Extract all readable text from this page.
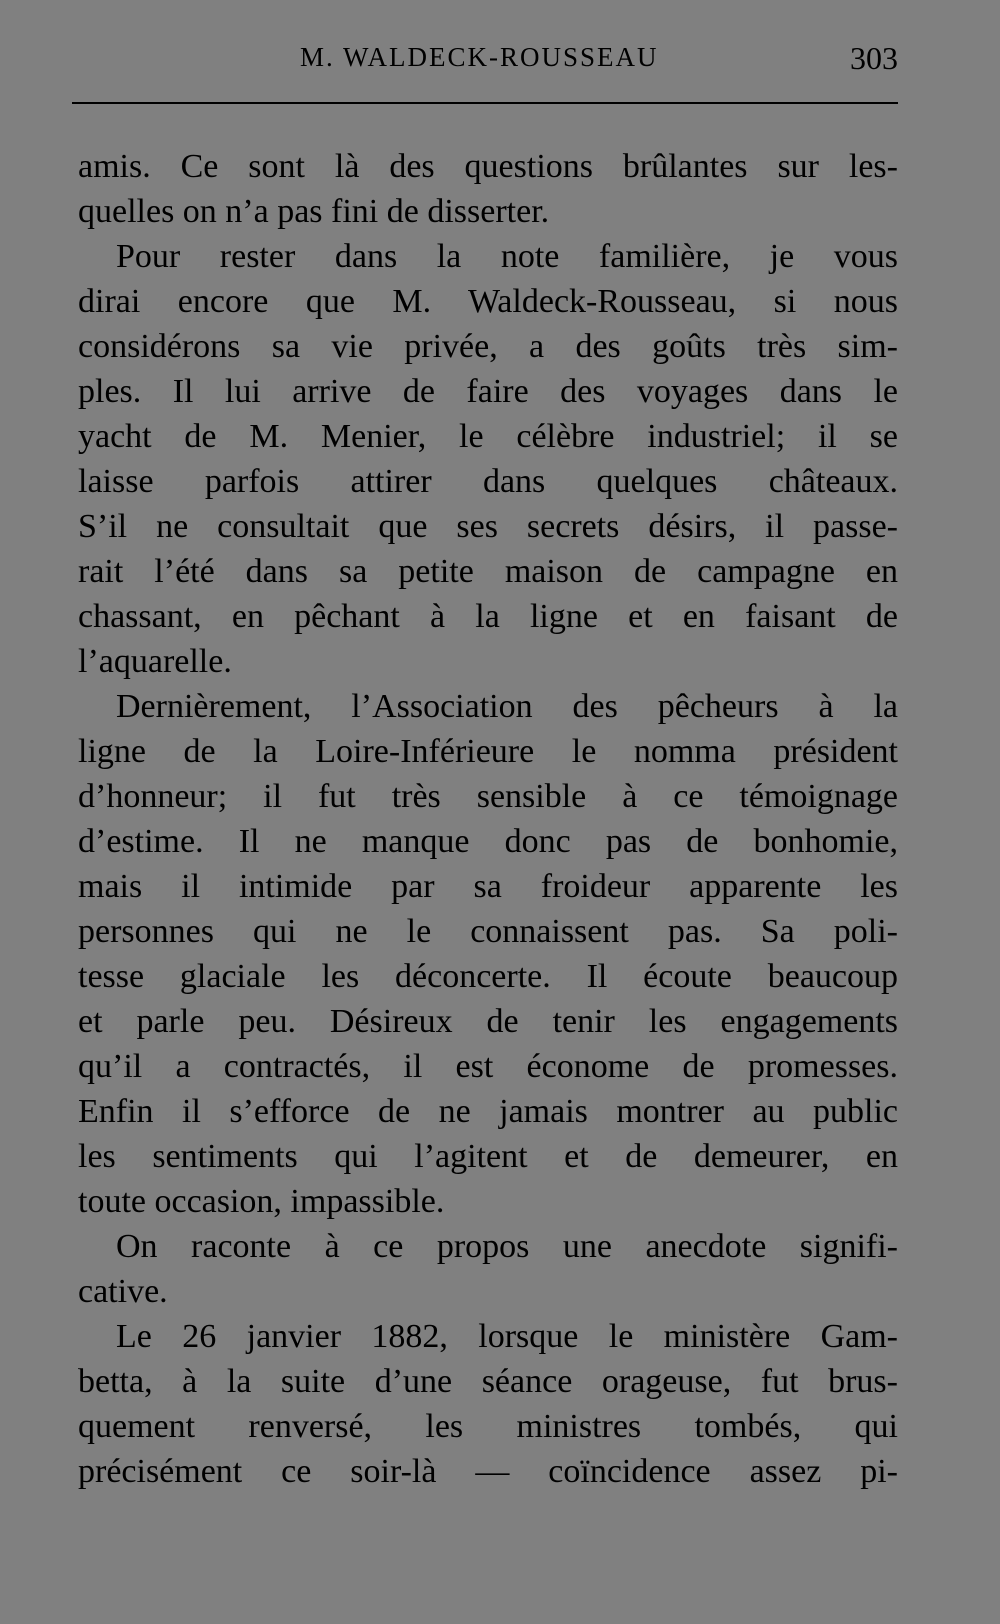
M. WALDECK-ROUSSEAU	303
amis. Ce sont là des questions brûlantes sur les-
quelles on n’a pas fini de disserter.
Pour rester dans la note familière, je vous
dirai encore que M. Waldeck-Rousseau, si nous
considérons sa vie privée, a des goûts très sim-
ples. Il lui arrive de faire des voyages dans le
yacht de M. Menier, le célèbre industriel; il se
laisse parfois attirer dans quelques châteaux.
S’il ne consultait que ses secrets désirs, il passe-
rait l’été dans sa petite maison de campagne en
chassant, en pêchant à la ligne et en faisant de
l’aquarelle.
Dernièrement, l’Association des pêcheurs à la
ligne de la Loire-Inférieure le nomma président
d’honneur; il fut très sensible à ce témoignage
d’estime. Il ne manque donc pas de bonhomie,
mais il intimide par sa froideur apparente les
personnes qui ne le connaissent pas. Sa poli-
tesse glaciale les déconcerte. Il écoute beaucoup
et parle peu. Désireux de tenir les engagements
qu’il a contractés, il est économe de promesses.
Enfin il s’efforce de ne jamais montrer au public
les sentiments qui l’agitent et de demeurer, en
toute occasion, impassible.
On raconte à ce propos une anecdote signifi-
cative.
Le 26 janvier 1882, lorsque le ministère Gam-
betta, à la suite d’une séance orageuse, fut brus-
quement renversé, les ministres tombés, qui
précisément ce soir-là — coïncidence assez pi-
